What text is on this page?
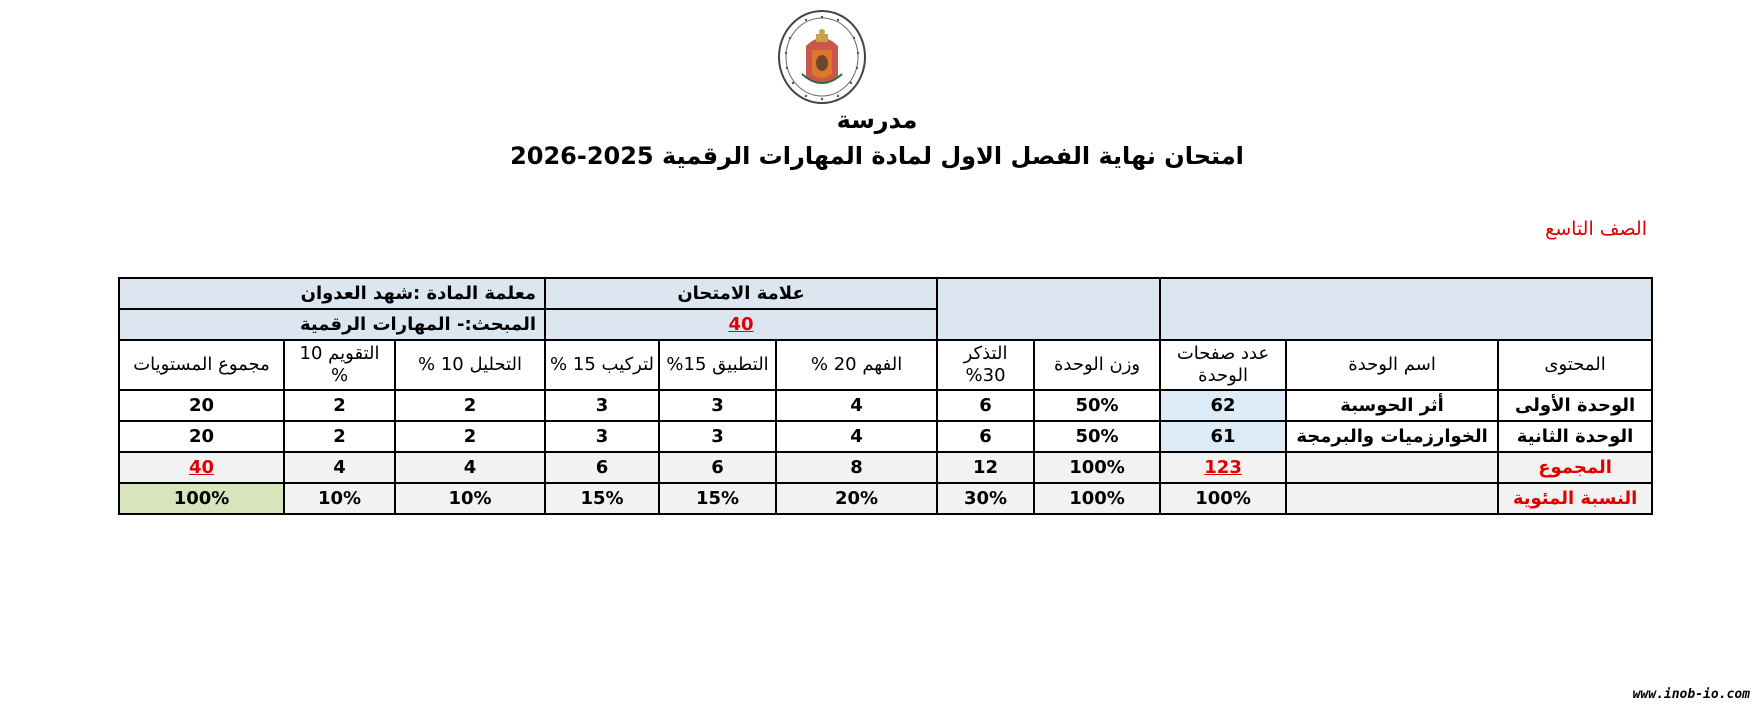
مدرسة
امتحان نهاية الفصل الاول لمادة المهارات الرقمية 2025-2026
الصف التاسع
					علامة الامتحان			معلمة المادة :شهد العدوان		
					40			المبحث:- المهارات الرقمية		
المحتوى	اسم الوحدة	عدد صفحات الوحدة	وزن الوحدة	التذكر 30%	الفهم 20 %	التطبيق 15%	لتركيب 15 %	التحليل 10 %	التقويم 10 %	مجموع المستويات
الوحدة الأولى	أثر الحوسبة	62	50%	6	4	3	3	2	2	20
الوحدة الثانية	الخوارزميات والبرمجة	61	50%	6	4	3	3	2	2	20
المجموع		123	100%	12	8	6	6	4	4	40
النسبة المئوية		100%	100%	30%	20%	15%	15%	10%	10%	100%
www.inob-io.com
